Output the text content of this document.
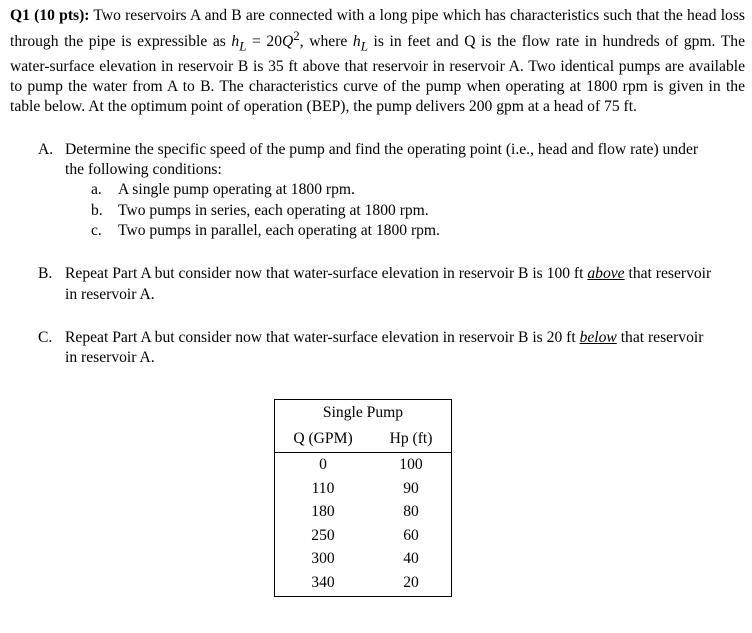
Q1 (10 pts): Two reservoirs A and B are connected with a long pipe which has characteristics such that the head loss through the pipe is expressible as $h_L = 20Q^2$, where $h_L$ is in feet and Q is the flow rate in hundreds of gpm. The water-surface elevation in reservoir B is 35 ft above that reservoir in reservoir A. Two identical pumps are available to pump the water from A to B. The characteristics curve of the pump when operating at 1800 rpm is given in the table below. At the optimum point of operation (BEP), the pump delivers 200 gpm at a head of 75 ft.

A. Determine the specific speed of the pump and find the operating point (i.e., head and flow rate) under the following conditions:
a.	A single pump operating at 1800 rpm.
b. Two pumps in series, each operating at 1800 rpm.
c.	Two pumps in parallel, each operating at 1800 rpm.
B. Repeat Part A but consider now that water-surface elevation in reservoir B is 100 ft above that reservoir in reservoir A.
C. Repeat Part A but consider now that water-surface elevation in reservoir B is 20 ft below that reservoir in reservoir A.
Single Pump
Q (GPM)	Hp (ft)
0	100
110	90
180	80
250	60
300	40
340	20
